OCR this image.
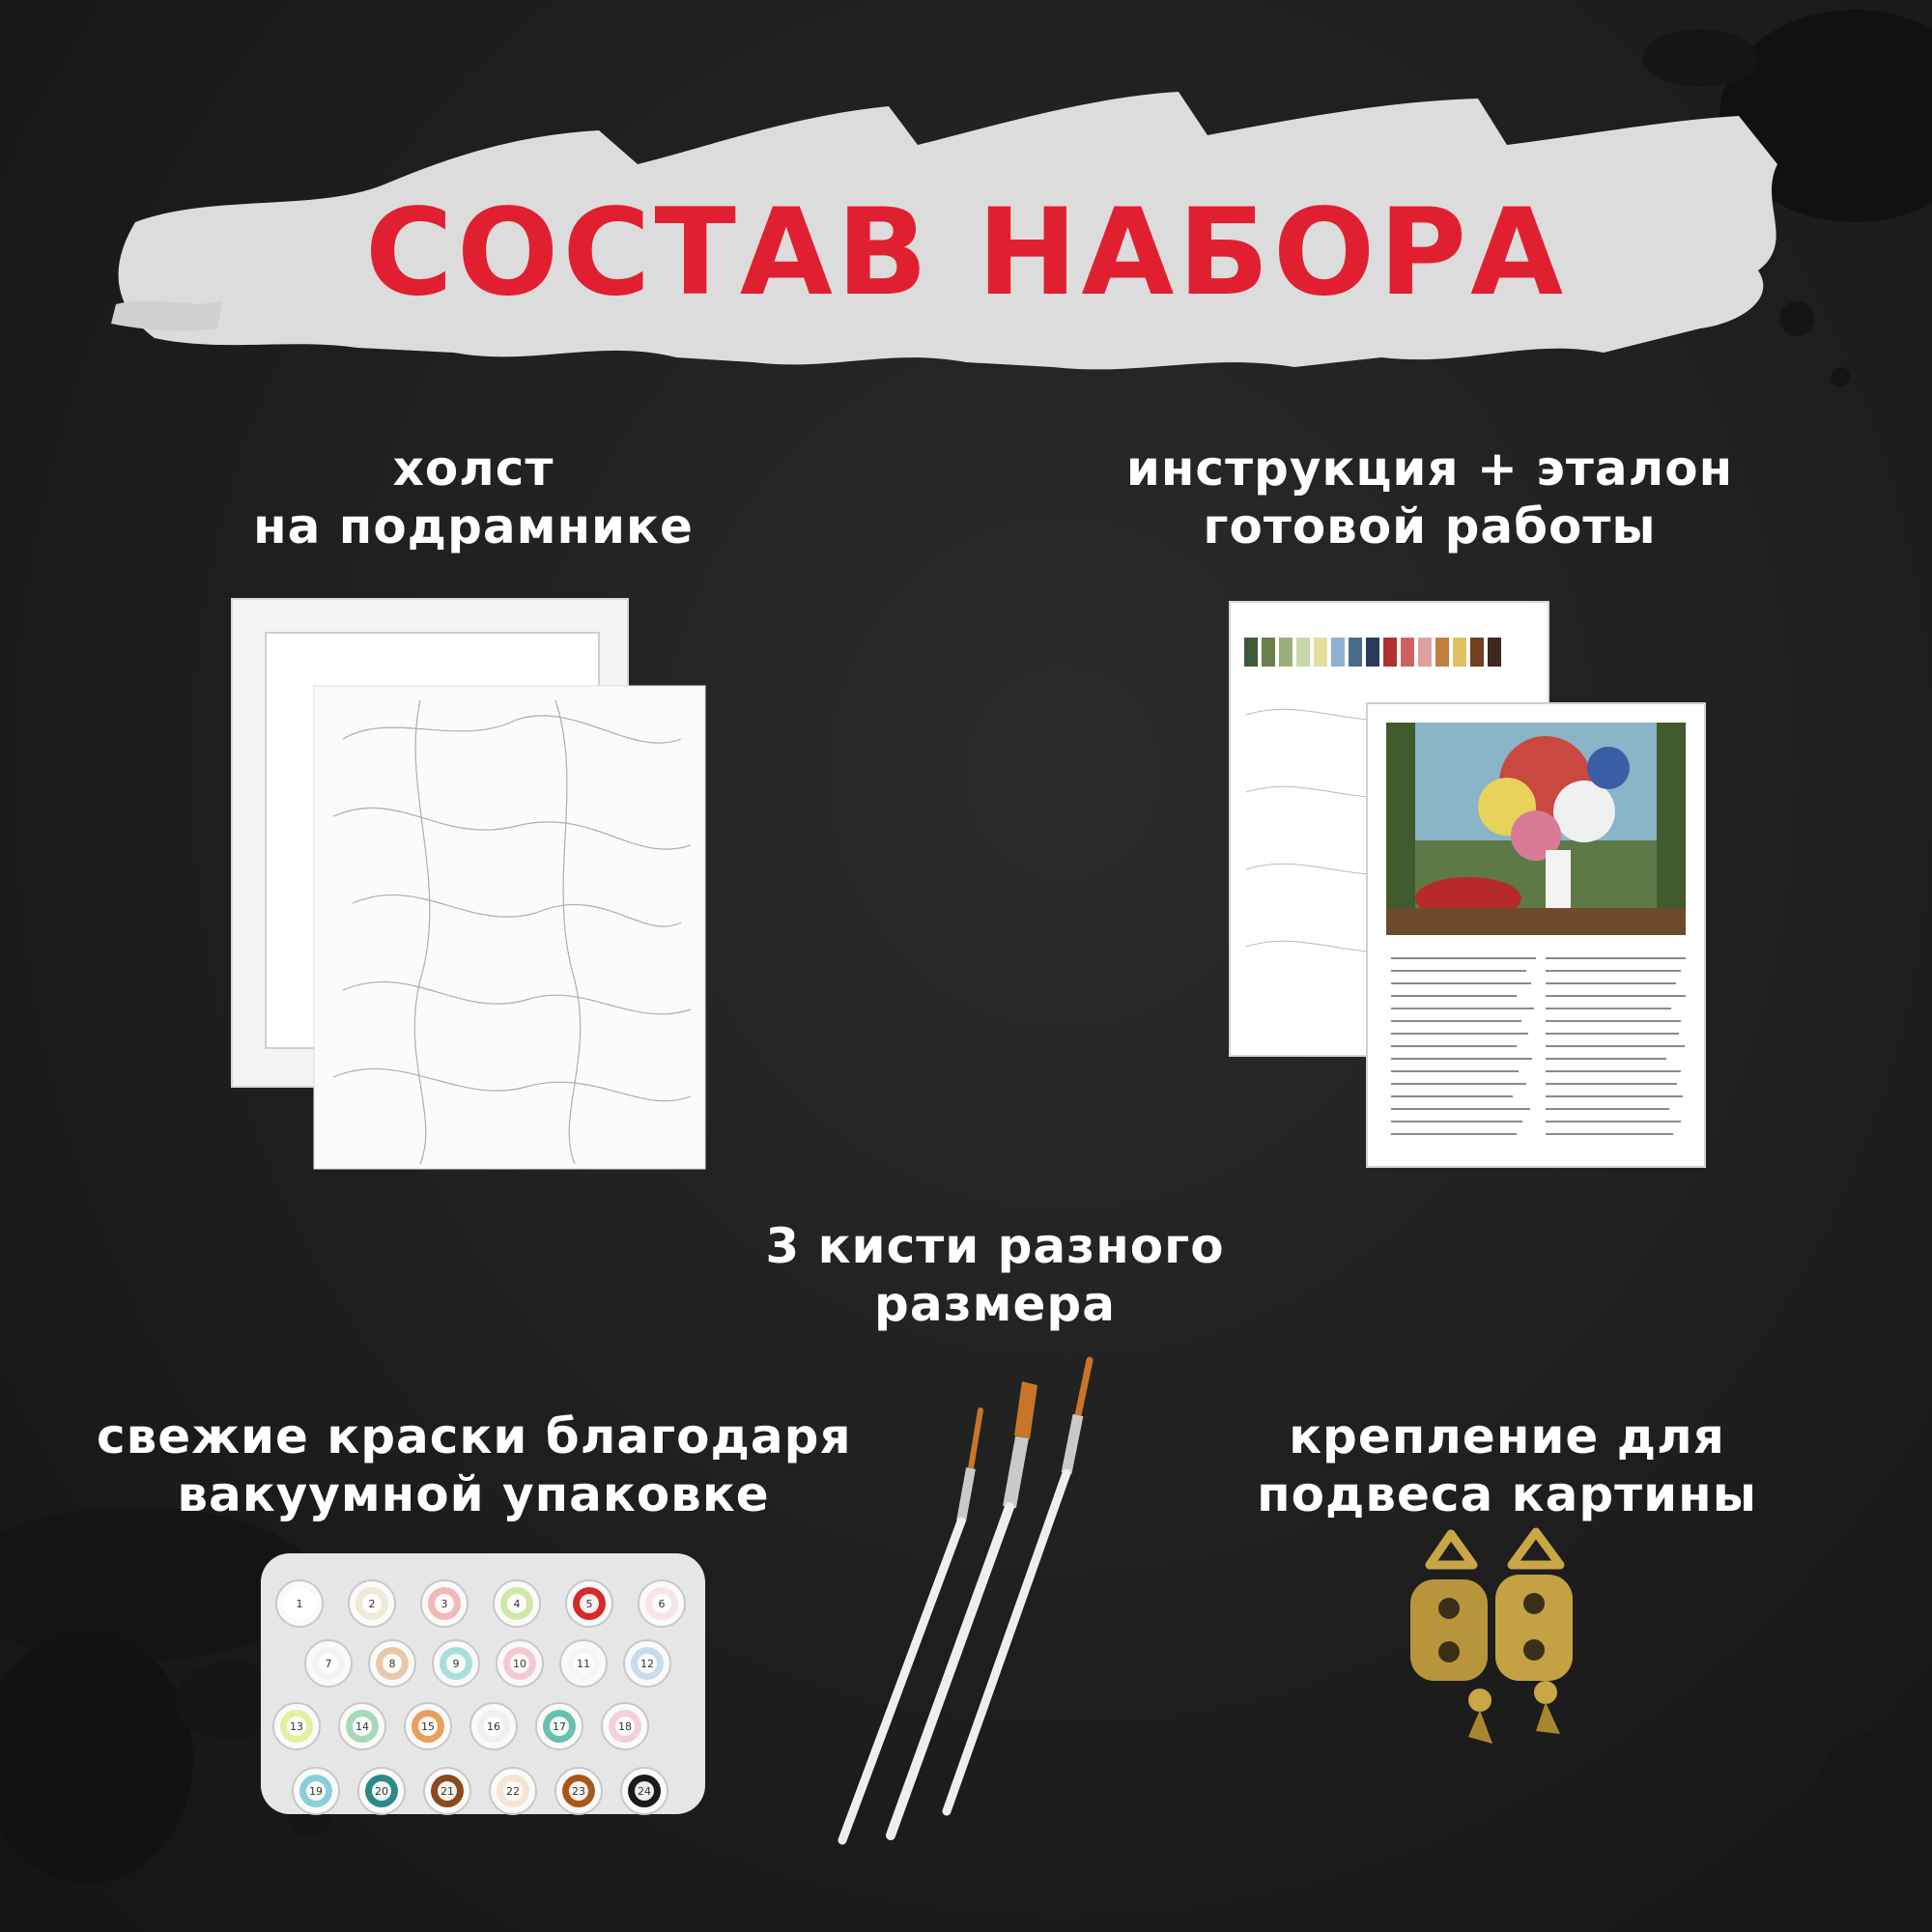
СОСТАВ НАБОРА
холст
на подрамнике
инструкция + эталон
готовой работы
3 кисти разного
размера
свежие краски благодаря
вакуумной упаковке
крепление для
подвеса картины
1	2	3	4	5	6
7	8	9	10	11	12
13	14	15	16	17	18
19	20	21	22	23	24
